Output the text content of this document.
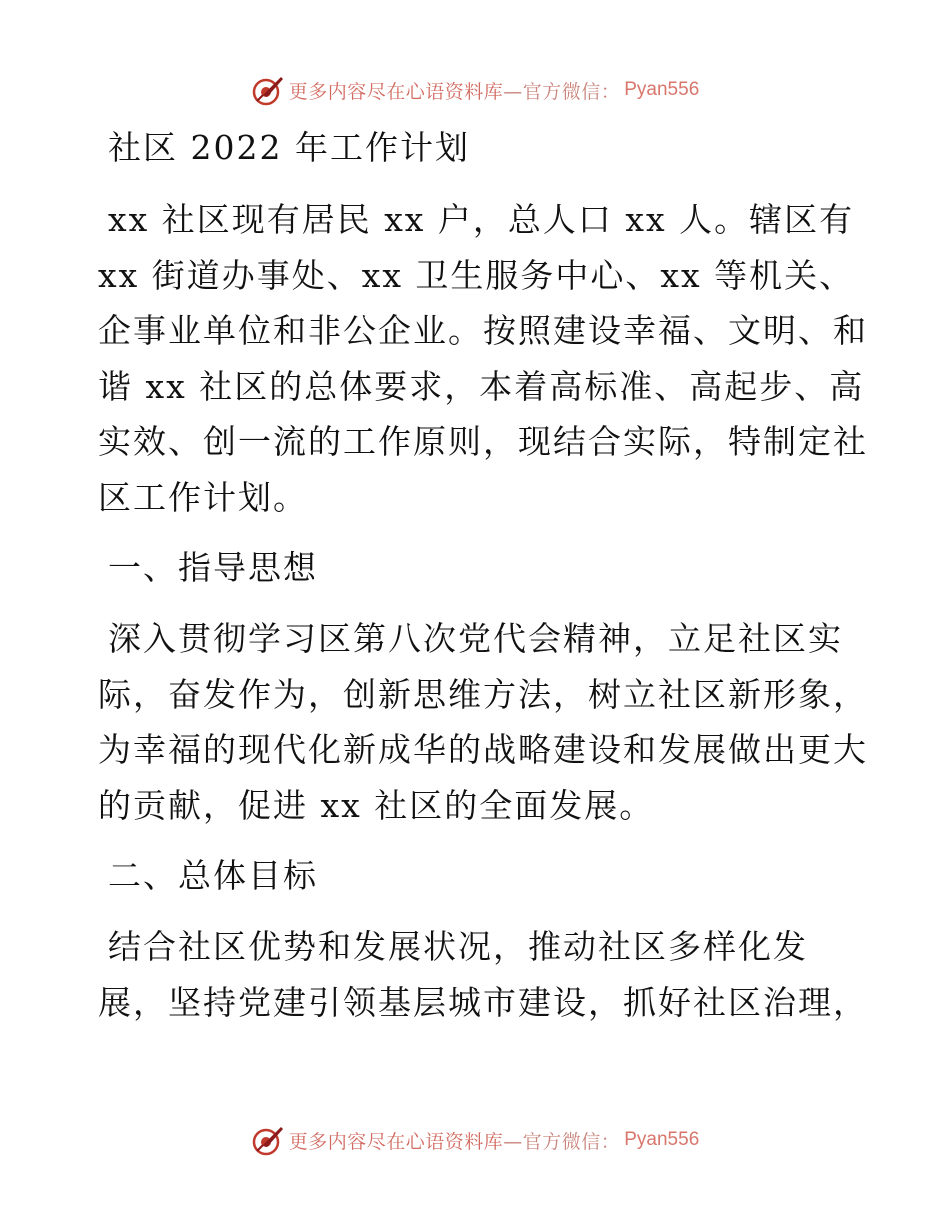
更多内容尽在心语资料库—官方微信： Pyan556
社区 2022 年工作计划

xx 社区现有居民 xx 户，总人口 xx 人。辖区有 xx 街道办事处、xx 卫生服务中心、xx 等机关、企事业单位和非公企业。按照建设幸福、文明、和谐 xx 社区的总体要求，本着高标准、高起步、高实效、创一流的工作原则，现结合实际，特制定社区工作计划。

一、指导思想

深入贯彻学习区第八次党代会精神，立足社区实际，奋发作为，创新思维方法，树立社区新形象，为幸福的现代化新成华的战略建设和发展做出更大的贡献，促进 xx 社区的全面发展。

二、总体目标

结合社区优势和发展状况，推动社区多样化发展，坚持党建引领基层城市建设，抓好社区治理，

更多内容尽在心语资料库—官方微信： Pyan556
